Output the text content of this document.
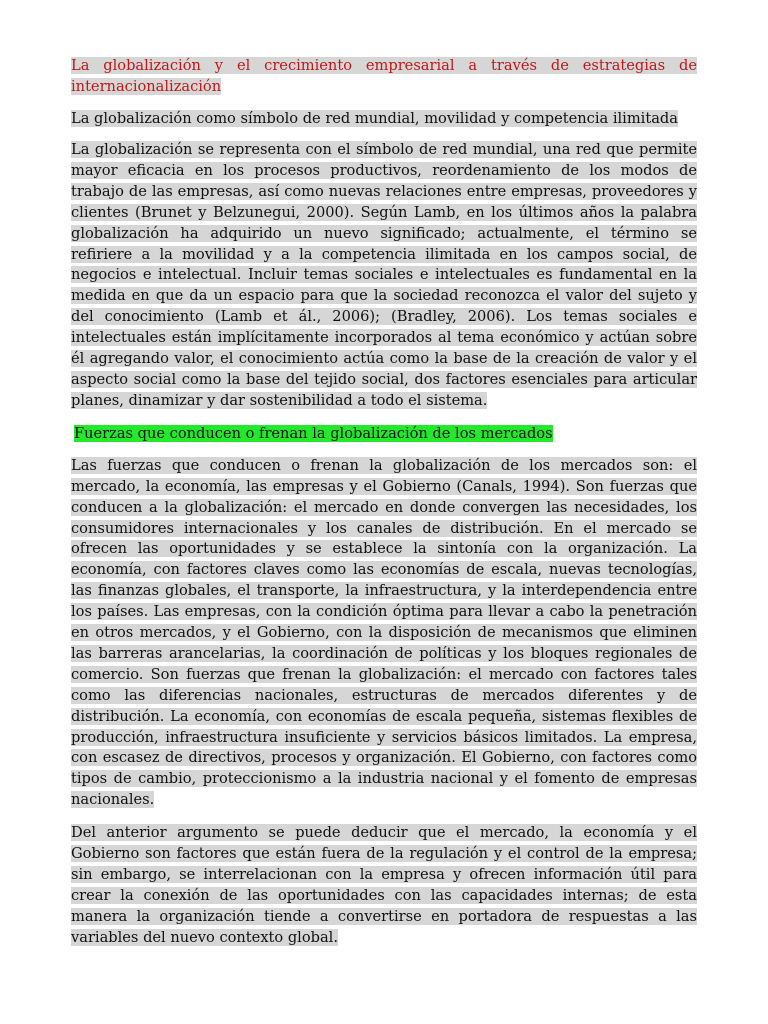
La globalización y el crecimiento empresarial a través de estrategias de internacionalización

La globalización como símbolo de red mundial, movilidad y competencia ilimitada

La globalización se representa con el símbolo de red mundial, una red que permite mayor eficacia en los procesos productivos, reordenamiento de los modos de trabajo de las empresas, así como nuevas relaciones entre empresas, proveedores y clientes (Brunet y Belzunegui, 2000). Según Lamb, en los últimos años la palabra globalización ha adquirido un nuevo significado; actualmente, el término se refiriere a la movilidad y a la competencia ilimitada en los campos social, de negocios e intelectual. Incluir temas sociales e intelectuales es fundamental en la medida en que da un espacio para que la sociedad reconozca el valor del sujeto y del conocimiento (Lamb et ál., 2006); (Bradley, 2006). Los temas sociales e intelectuales están implícitamente incorporados al tema económico y actúan sobre él agregando valor, el conocimiento actúa como la base de la creación de valor y el aspecto social como la base del tejido social, dos factores esenciales para articular planes, dinamizar y dar sostenibilidad a todo el sistema.

Fuerzas que conducen o frenan la globalización de los mercados

Las fuerzas que conducen o frenan la globalización de los mercados son: el mercado, la economía, las empresas y el Gobierno (Canals, 1994). Son fuerzas que conducen a la globalización: el mercado en donde convergen las necesidades, los consumidores internacionales y los canales de distribución. En el mercado se ofrecen las oportunidades y se establece la sintonía con la organización. La economía, con factores claves como las economías de escala, nuevas tecnologías, las finanzas globales, el transporte, la infraestructura, y la interdependencia entre los países. Las empresas, con la condición óptima para llevar a cabo la penetración en otros mercados, y el Gobierno, con la disposición de mecanismos que eliminen las barreras arancelarias, la coordinación de políticas y los bloques regionales de comercio. Son fuerzas que frenan la globalización: el mercado con factores tales como las diferencias nacionales, estructuras de mercados diferentes y de distribución. La economía, con economías de escala pequeña, sistemas flexibles de producción, infraestructura insuficiente y servicios básicos limitados. La empresa, con escasez de directivos, procesos y organización. El Gobierno, con factores como tipos de cambio, proteccionismo a la industria nacional y el fomento de empresas nacionales.

Del anterior argumento se puede deducir que el mercado, la economía y el Gobierno son factores que están fuera de la regulación y el control de la empresa; sin embargo, se interrelacionan con la empresa y ofrecen información útil para crear la conexión de las oportunidades con las capacidades internas; de esta manera la organización tiende a convertirse en portadora de respuestas a las variables del nuevo contexto global.
